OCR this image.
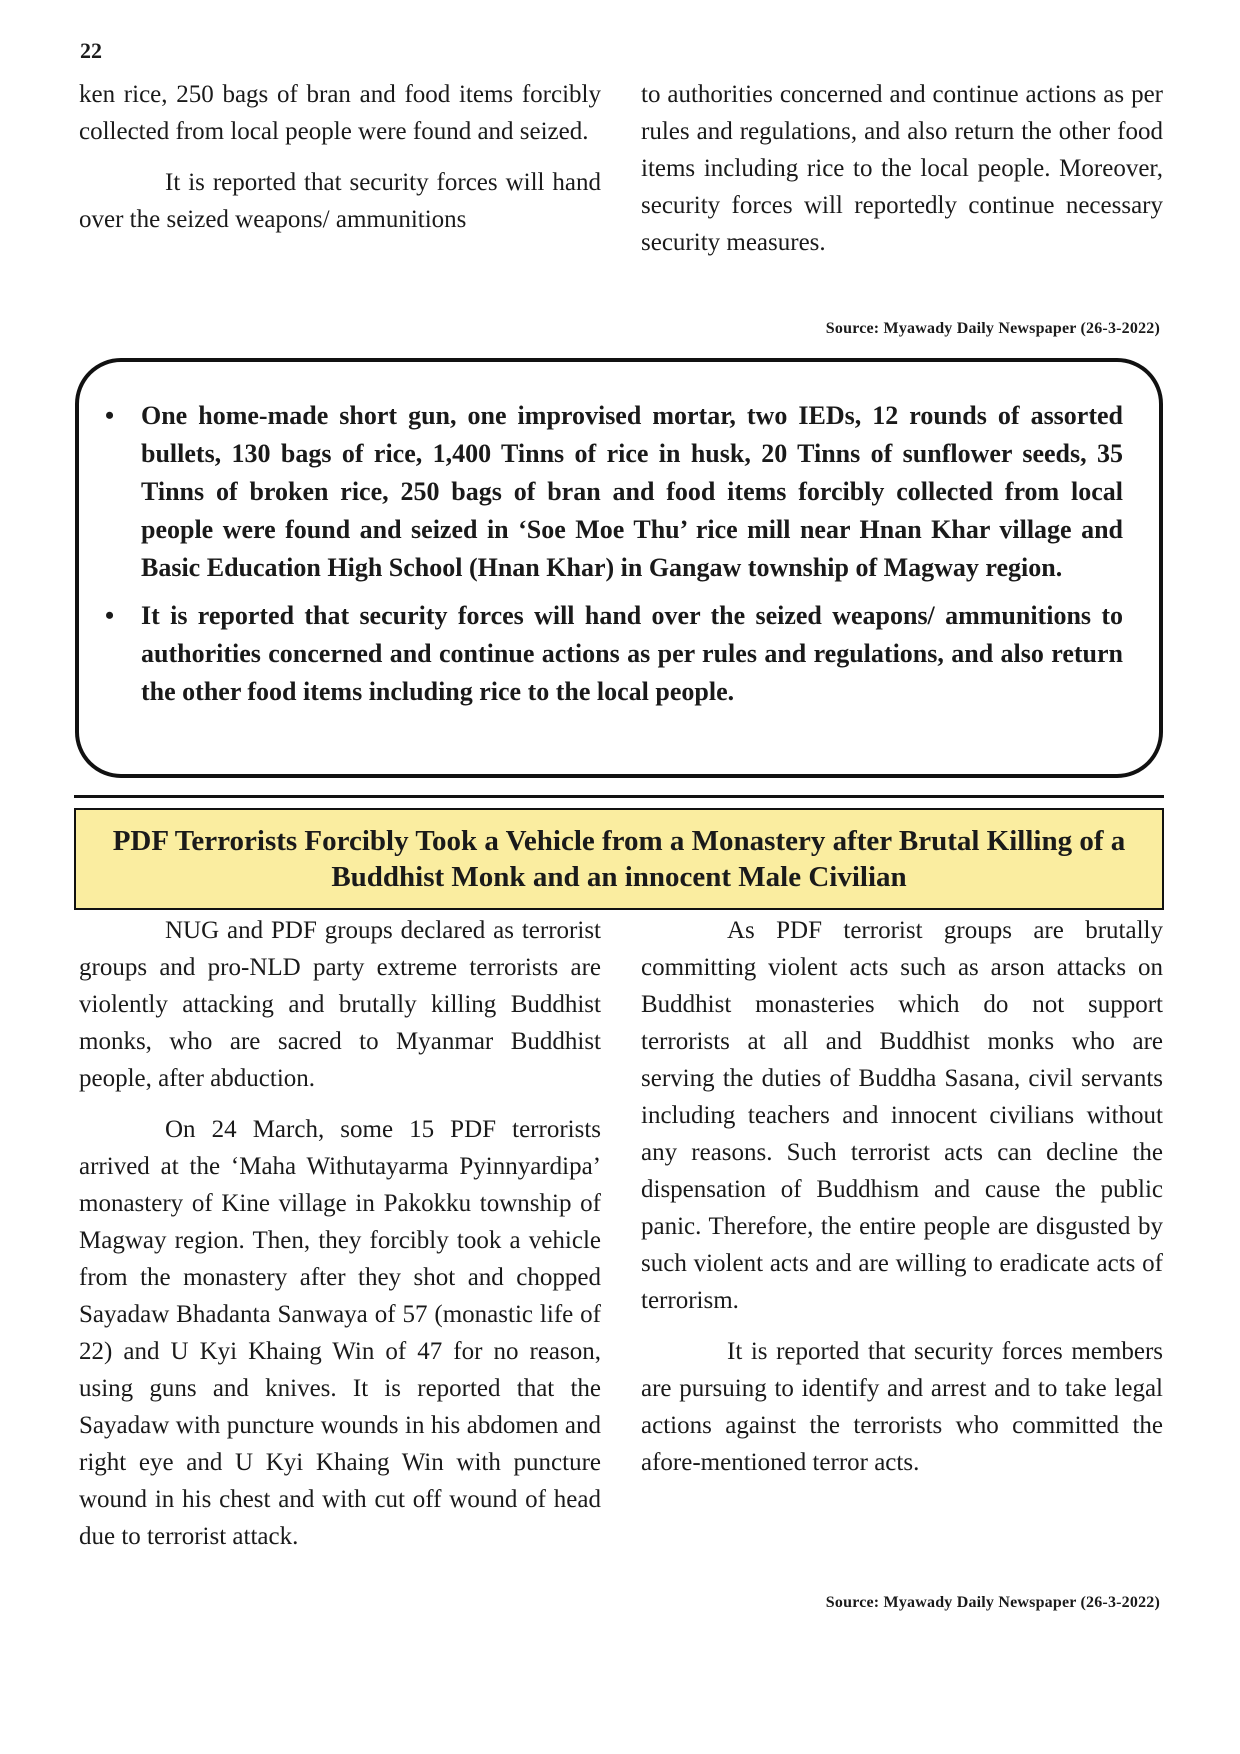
22

ken rice, 250 bags of bran and food items forcibly collected from local people were found and seized.

It is reported that security forces will hand over the seized weapons/ ammunitions

to authorities concerned and continue actions as per rules and regulations, and also return the other food items including rice to the local people. Moreover, security forces will reportedly continue necessary security measures.

Source: Myawady Daily Newspaper (26-3-2022)
• One home-made short gun, one improvised mortar, two IEDs, 12 rounds of assorted bullets, 130 bags of rice, 1,400 Tinns of rice in husk, 20 Tinns of sunflower seeds, 35 Tinns of broken rice, 250 bags of bran and food items forcibly collected from local people were found and seized in ‘Soe Moe Thu’ rice mill near Hnan Khar village and Basic Education High School (Hnan Khar) in Gangaw township of Magway region.
• It is reported that security forces will hand over the seized weapons/ ammunitions to authorities concerned and continue actions as per rules and regulations, and also return the other food items including rice to the local people.
PDF Terrorists Forcibly Took a Vehicle from a Monastery after Brutal Killing of a Buddhist Monk and an innocent Male Civilian

NUG and PDF groups declared as terrorist groups and pro-NLD party extreme terrorists are violently attacking and brutally killing Buddhist monks, who are sacred to Myanmar Buddhist people, after abduction.

On 24 March, some 15 PDF terrorists arrived at the ‘Maha Withutayarma Pyinnyardipa’ monastery of Kine village in Pakokku township of Magway region. Then, they forcibly took a vehicle from the monastery after they shot and chopped Sayadaw Bhadanta Sanwaya of 57 (monastic life of 22) and U Kyi Khaing Win of 47 for no reason, using guns and knives. It is reported that the Sayadaw with puncture wounds in his abdomen and right eye and U Kyi Khaing Win with puncture wound in his chest and with cut off wound of head due to terrorist attack.

As PDF terrorist groups are brutally committing violent acts such as arson attacks on Buddhist monasteries which do not support terrorists at all and Buddhist monks who are serving the duties of Buddha Sasana, civil servants including teachers and innocent civilians without any reasons. Such terrorist acts can decline the dispensation of Buddhism and cause the public panic. Therefore, the entire people are disgusted by such violent acts and are willing to eradicate acts of terrorism.

It is reported that security forces members are pursuing to identify and arrest and to take legal actions against the terrorists who committed the afore-mentioned terror acts.

Source: Myawady Daily Newspaper (26-3-2022)
